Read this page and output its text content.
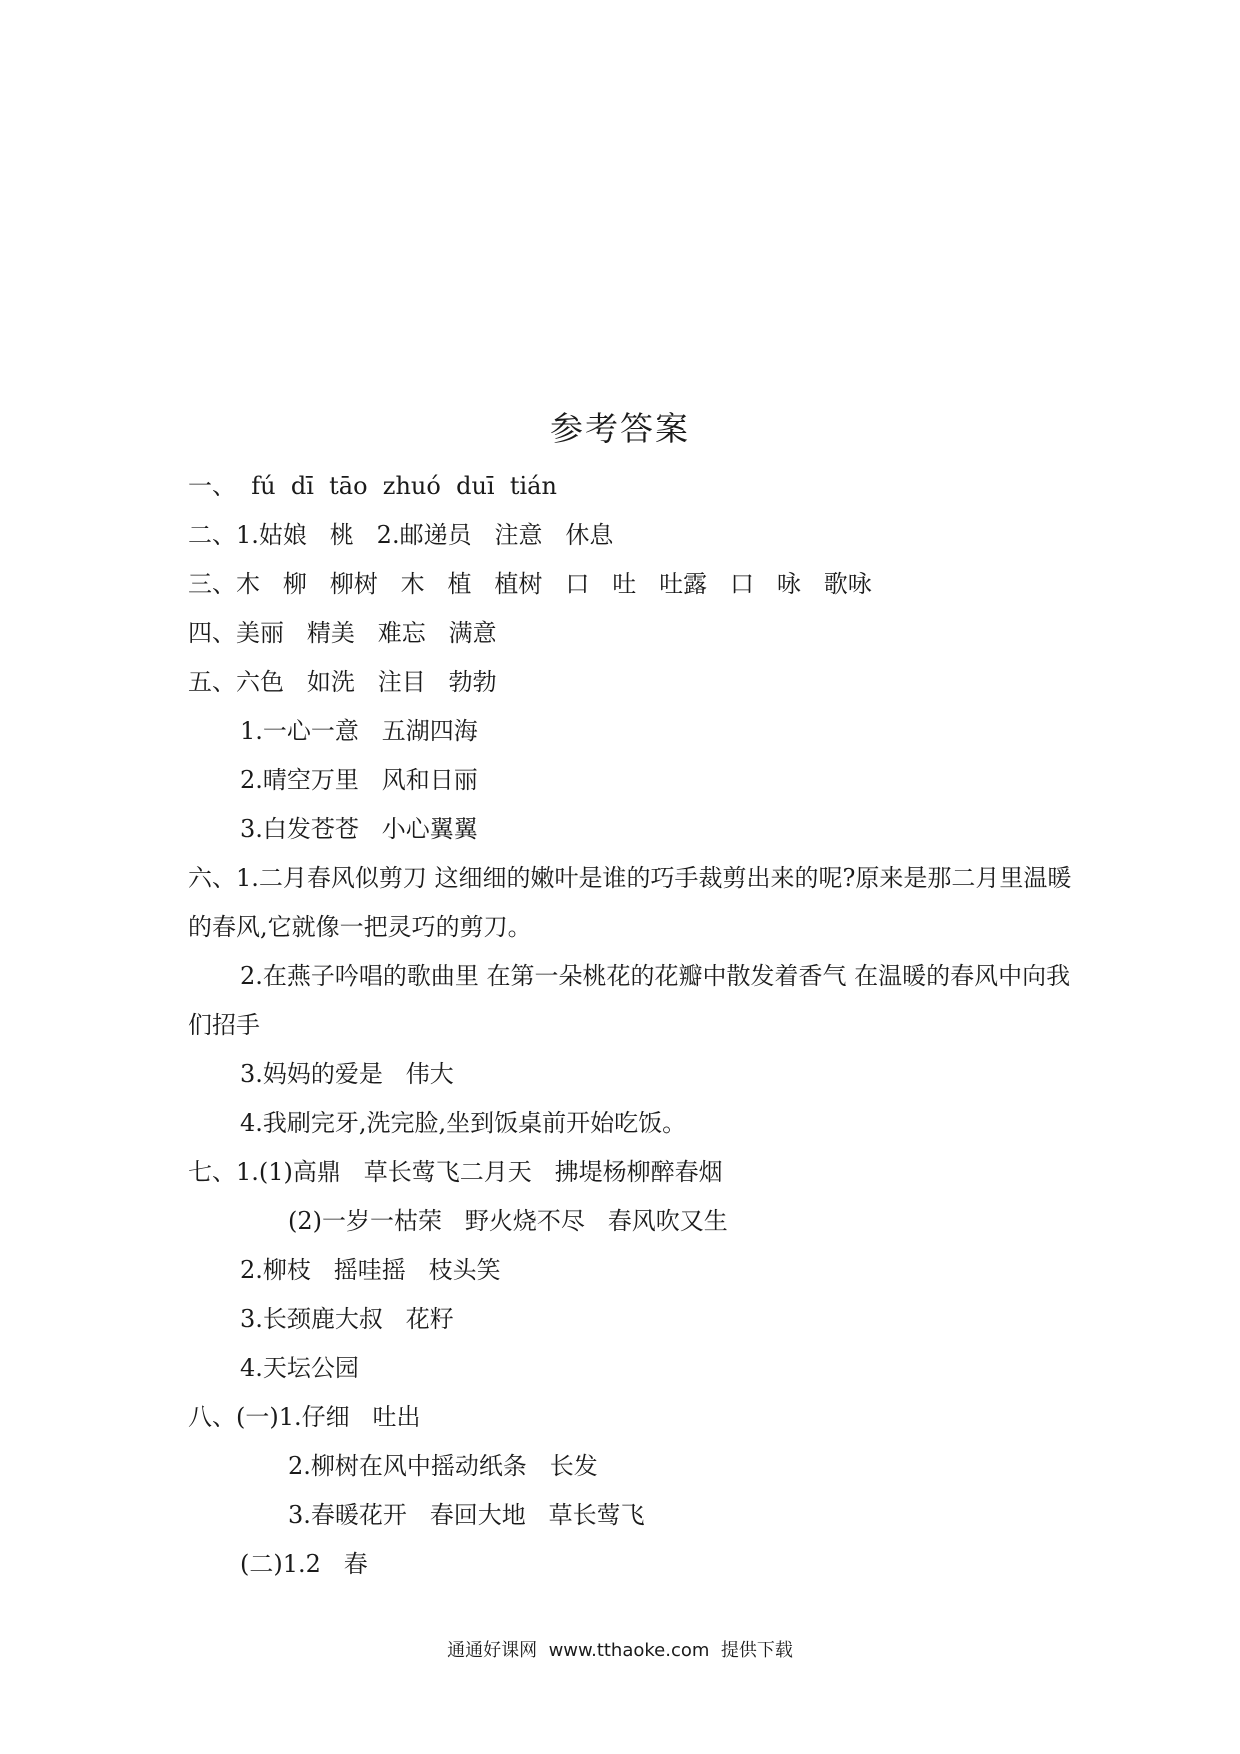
参考答案
一、  fú  dī  tāo  zhuó  duī  tián
二、1.姑娘   桃   2.邮递员   注意   休息
三、木   柳   柳树   木   植   植树   口   吐   吐露   口   咏   歌咏
四、美丽   精美   难忘   满意
五、六色   如洗   注目   勃勃
1.一心一意   五湖四海
2.晴空万里   风和日丽
3.白发苍苍   小心翼翼
六、1.二月春风似剪刀 这细细的嫩叶是谁的巧手裁剪出来的呢?原来是那二月里温暖的春风,它就像一把灵巧的剪刀。
2.在燕子吟唱的歌曲里 在第一朵桃花的花瓣中散发着香气 在温暖的春风中向我们招手
3.妈妈的爱是   伟大
4.我刷完牙,洗完脸,坐到饭桌前开始吃饭。
七、1.(1)高鼎   草长莺飞二月天   拂堤杨柳醉春烟
(2)一岁一枯荣   野火烧不尽   春风吹又生
2.柳枝   摇哇摇   枝头笑
3.长颈鹿大叔   花籽
4.天坛公园
八、(一)1.仔细   吐出
2.柳树在风中摇动纸条   长发
3.春暖花开   春回大地   草长莺飞
(二)1.2   春
通通好课网  www.tthaoke.com  提供下载
